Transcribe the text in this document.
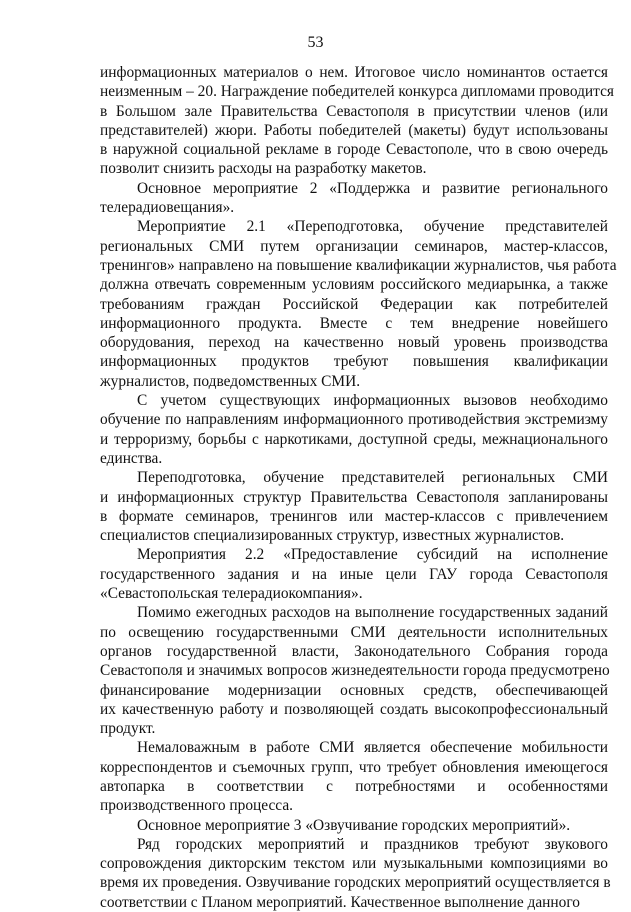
53
информационных материалов о нем. Итоговое число номинантов остается
неизменным – 20. Награждение победителей конкурса дипломами проводится
в Большом зале Правительства Севастополя в присутствии членов (или
представителей) жюри. Работы победителей (макеты) будут использованы
в наружной социальной рекламе в городе Севастополе, что в свою очередь
позволит снизить расходы на разработку макетов.
Основное мероприятие 2 «Поддержка и развитие регионального
телерадиовещания».
Мероприятие 2.1 «Переподготовка, обучение представителей
региональных СМИ путем организации семинаров, мастер-классов,
тренингов» направлено на повышение квалификации журналистов, чья работа
должна отвечать современным условиям российского медиарынка, а также
требованиям граждан Российской Федерации как потребителей
информационного продукта. Вместе с тем внедрение новейшего
оборудования, переход на качественно новый уровень производства
информационных продуктов требуют повышения квалификации
журналистов, подведомственных СМИ.
С учетом существующих информационных вызовов необходимо
обучение по направлениям информационного противодействия экстремизму
и терроризму, борьбы с наркотиками, доступной среды, межнационального
единства.
Переподготовка, обучение представителей региональных СМИ
и информационных структур Правительства Севастополя запланированы
в формате семинаров, тренингов или мастер-классов с привлечением
специалистов специализированных структур, известных журналистов.
Мероприятия 2.2 «Предоставление субсидий на исполнение
государственного задания и на иные цели ГАУ города Севастополя
«Севастопольская телерадиокомпания».
Помимо ежегодных расходов на выполнение государственных заданий
по освещению государственными СМИ деятельности исполнительных
органов государственной власти, Законодательного Собрания города
Севастополя и значимых вопросов жизнедеятельности города предусмотрено
финансирование модернизации основных средств, обеспечивающей
их качественную работу и позволяющей создать высокопрофессиональный
продукт.
Немаловажным в работе СМИ является обеспечение мобильности
корреспондентов и съемочных групп, что требует обновления имеющегося
автопарка в соответствии с потребностями и особенностями
производственного процесса.
Основное мероприятие 3 «Озвучивание городских мероприятий».
Ряд городских мероприятий и праздников требуют звукового
сопровождения дикторским текстом или музыкальными композициями во
время их проведения. Озвучивание городских мероприятий осуществляется в
соответствии с Планом мероприятий. Качественное выполнение данного
